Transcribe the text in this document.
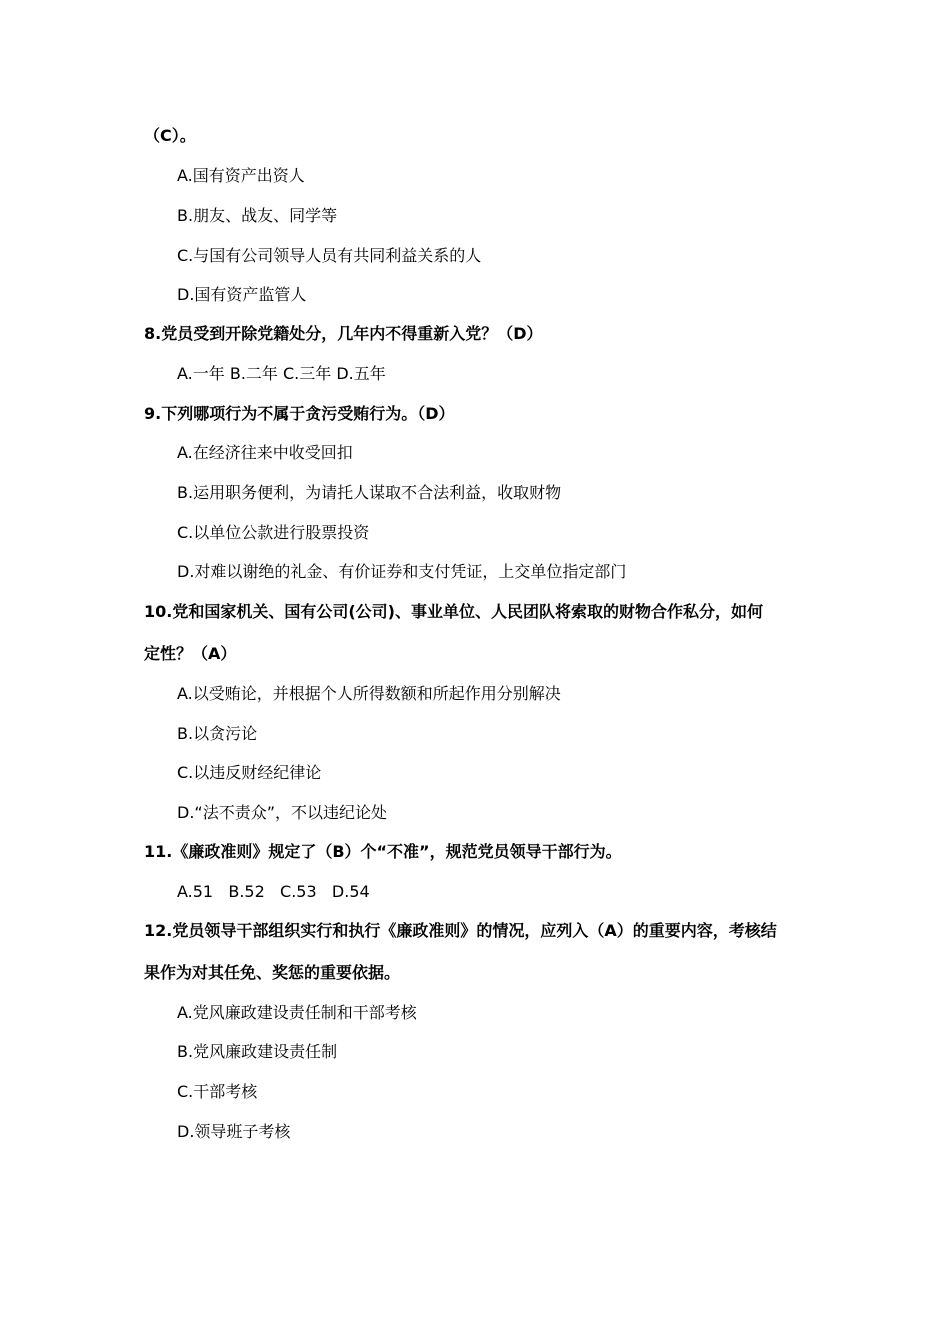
（C）。
A.国有资产出资人
B.朋友、战友、同学等
C.与国有公司领导人员有共同利益关系的人
D.国有资产监管人
8.党员受到开除党籍处分，几年内不得重新入党？（D）
A.一年 B.二年 C.三年 D.五年
9.下列哪项行为不属于贪污受贿行为。（D）
A.在经济往来中收受回扣
B.运用职务便利，为请托人谋取不合法利益，收取财物
C.以单位公款进行股票投资
D.对难以谢绝的礼金、有价证券和支付凭证，上交单位指定部门
10.党和国家机关、国有公司(公司)、事业单位、人民团队将索取的财物合作私分，如何
定性？（A）
A.以受贿论，并根据个人所得数额和所起作用分别解决
B.以贪污论
C.以违反财经纪律论
D.“法不责众”，不以违纪论处
11.《廉政准则》规定了（B）个“不准”，规范党员领导干部行为。
A.51   B.52   C.53   D.54
12.党员领导干部组织实行和执行《廉政准则》的情况，应列入（A）的重要内容，考核结
果作为对其任免、奖惩的重要依据。
A.党风廉政建设责任制和干部考核
B.党风廉政建设责任制
C.干部考核
D.领导班子考核
